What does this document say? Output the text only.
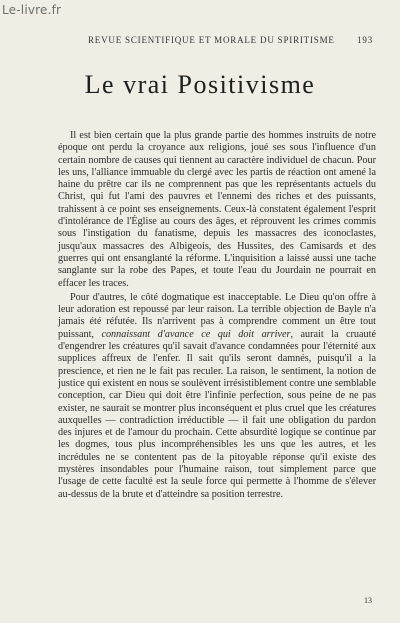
Le-livre.fr
REVUE SCIENTIFIQUE ET MORALE DU SPIRITISME 193
Le vrai Positivisme

Il est bien certain que la plus grande partie des hommes instruits de notre époque ont perdu la croyance aux religions, joué ses sous l'influence d'un certain nombre de causes qui tiennent au caractère individuel de chacun. Pour les uns, l'alliance immuable du clergé avec les partis de réaction ont amené la haine du prêtre car ils ne comprennent pas que les représentants actuels du Christ, qui fut l'ami des pauvres et l'ennemi des riches et des puissants, trahissent à ce point ses enseignements. Ceux-là constatent également l'esprit d'intolérance de l'Église au cours des âges, et réprouvent les crimes commis sous l'instigation du fanatisme, depuis les massacres des iconoclastes, jusqu'aux massacres des Albigeois, des Hussites, des Camisards et des guerres qui ont ensanglanté la réforme. L'inquisition a laissé aussi une tache sanglante sur la robe des Papes, et toute l'eau du Jourdain ne pourrait en effacer les traces.

Pour d'autres, le côté dogmatique est inacceptable. Le Dieu qu'on offre à leur adoration est repoussé par leur raison. La terrible objection de Bayle n'a jamais été réfutée. Ils n'arrivent pas à comprendre comment un être tout puissant, connaissant d'avance ce qui doit arriver, aurait la cruauté d'engendrer les créatures qu'il savait d'avance condamnées pour l'éternité aux supplices affreux de l'enfer. Il sait qu'ils seront damnés, puisqu'il a la prescience, et rien ne le fait pas reculer. La raison, le sentiment, la notion de justice qui existent en nous se soulèvent irrésistiblement contre une semblable conception, car Dieu qui doit être l'infinie perfection, sous peine de ne pas exister, ne saurait se montrer plus inconséquent et plus cruel que les créatures auxquelles — contradiction irréductible — il fait une obligation du pardon des injures et de l'amour du prochain. Cette absurdité logique se continue par les dogmes, tous plus incompréhensibles les uns que les autres, et les incrédules ne se contentent pas de la pitoyable réponse qu'il existe des mystères insondables pour l'humaine raison, tout simplement parce que l'usage de cette faculté est la seule force qui permette à l'homme de s'élever au-dessus de la brute et d'atteindre sa position terrestre.

13
